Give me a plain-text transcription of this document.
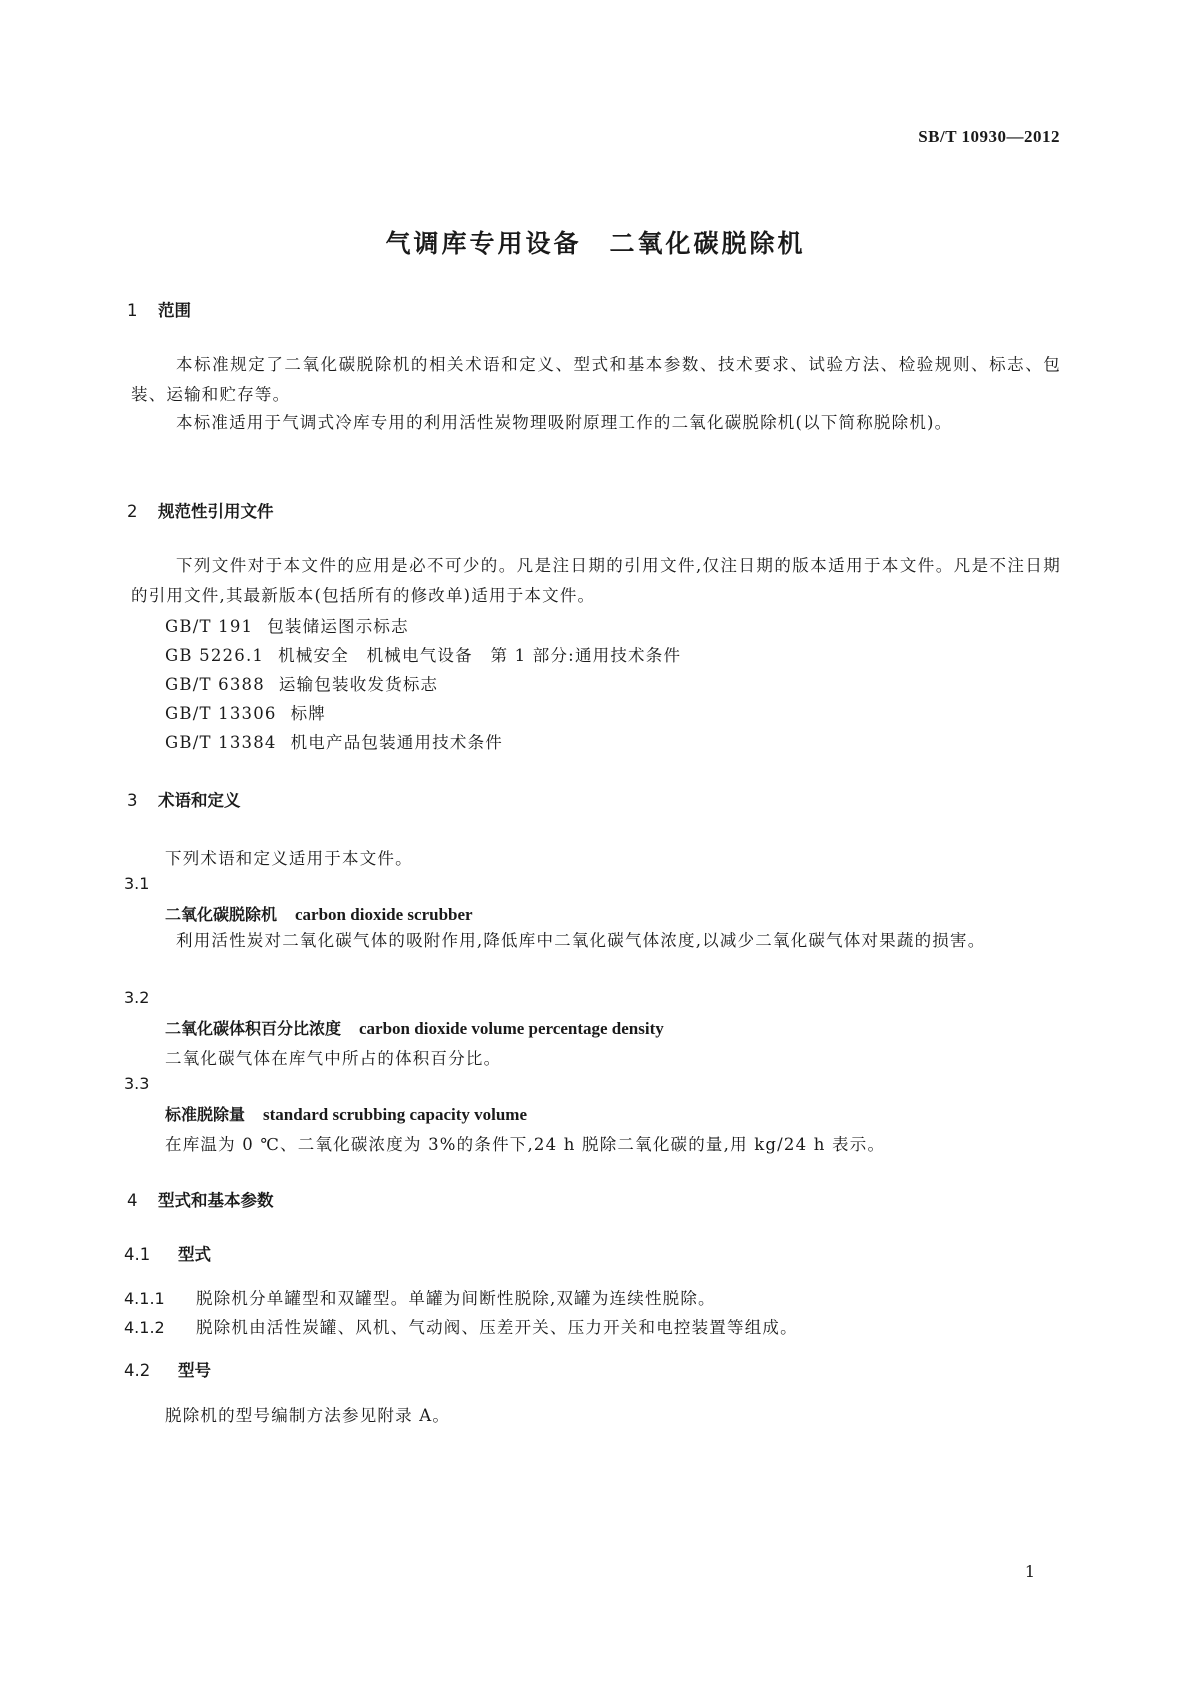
SB/T 10930—2012
气调库专用设备　二氧化碳脱除机
1 范围
本标准规定了二氧化碳脱除机的相关术语和定义、型式和基本参数、技术要求、试验方法、检验规则、标志、包装、运输和贮存等。
本标准适用于气调式冷库专用的利用活性炭物理吸附原理工作的二氧化碳脱除机(以下简称脱除机)。
2 规范性引用文件
下列文件对于本文件的应用是必不可少的。凡是注日期的引用文件,仅注日期的版本适用于本文件。凡是不注日期的引用文件,其最新版本(包括所有的修改单)适用于本文件。
GB/T 191 包装储运图示标志
GB 5226.1 机械安全　机械电气设备　第 1 部分:通用技术条件
GB/T 6388 运输包装收发货标志
GB/T 13306 标牌
GB/T 13384 机电产品包装通用技术条件
3 术语和定义
下列术语和定义适用于本文件。
3.1
二氧化碳脱除机 carbon dioxide scrubber
利用活性炭对二氧化碳气体的吸附作用,降低库中二氧化碳气体浓度,以减少二氧化碳气体对果蔬的损害。
3.2
二氧化碳体积百分比浓度 carbon dioxide volume percentage density
二氧化碳气体在库气中所占的体积百分比。
3.3
标准脱除量 standard scrubbing capacity volume
在库温为 0 ℃、二氧化碳浓度为 3%的条件下,24 h 脱除二氧化碳的量,用 kg/24 h 表示。
4 型式和基本参数
4.1 型式
4.1.1 脱除机分单罐型和双罐型。单罐为间断性脱除,双罐为连续性脱除。
4.1.2 脱除机由活性炭罐、风机、气动阀、压差开关、压力开关和电控装置等组成。
4.2 型号
脱除机的型号编制方法参见附录 A。
1
